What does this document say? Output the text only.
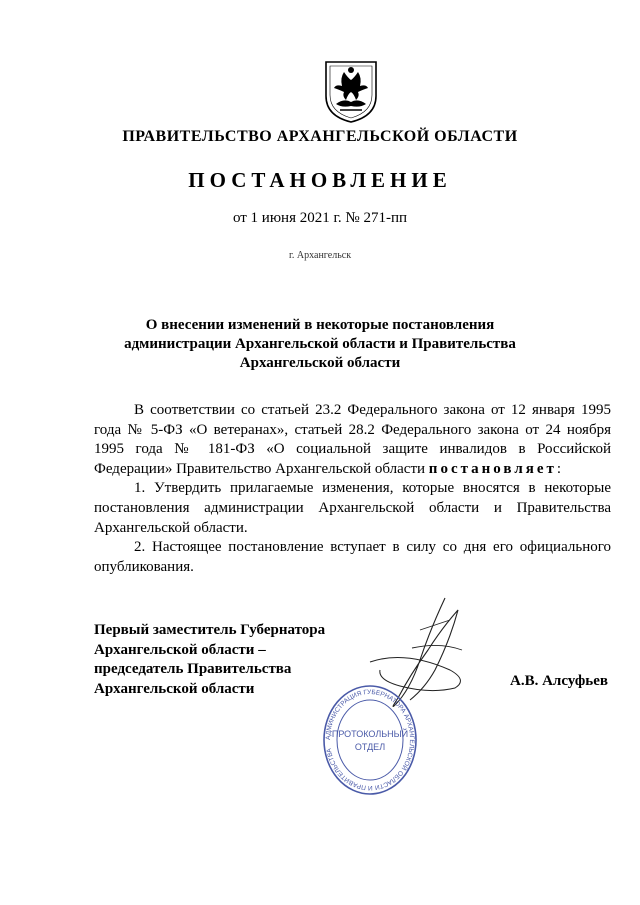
ПРАВИТЕЛЬСТВО АРХАНГЕЛЬСКОЙ ОБЛАСТИ
ПОСТАНОВЛЕНИЕ
от 1 июня 2021 г. № 271-пп
г. Архангельск
О внесении изменений в некоторые постановления
администрации Архангельской области и Правительства
Архангельской области

В соответствии со статьей 23.2 Федерального закона от 12 января 1995 года № 5-ФЗ «О ветеранах», статьей 28.2 Федерального закона от 24 ноября 1995 года № 181-ФЗ «О социальной защите инвалидов в Российской Федерации» Правительство Архангельской области постановляет:

1. Утвердить прилагаемые изменения, которые вносятся в некоторые постановления администрации Архангельской области и Правительства Архангельской области.

2. Настоящее постановление вступает в силу со дня его официального опубликования.

Первый заместитель Губернатора
Архангельской области –
председатель Правительства
Архангельской области	А.В. Алсуфьев
АДМИНИСТРАЦИЯ ГУБЕРНАТОРА АРХАНГЕЛЬСКОЙ ОБЛАСТИ И ПРАВИТЕЛЬСТВА
ПРОТОКОЛЬНЫЙ
ОТДЕЛ
